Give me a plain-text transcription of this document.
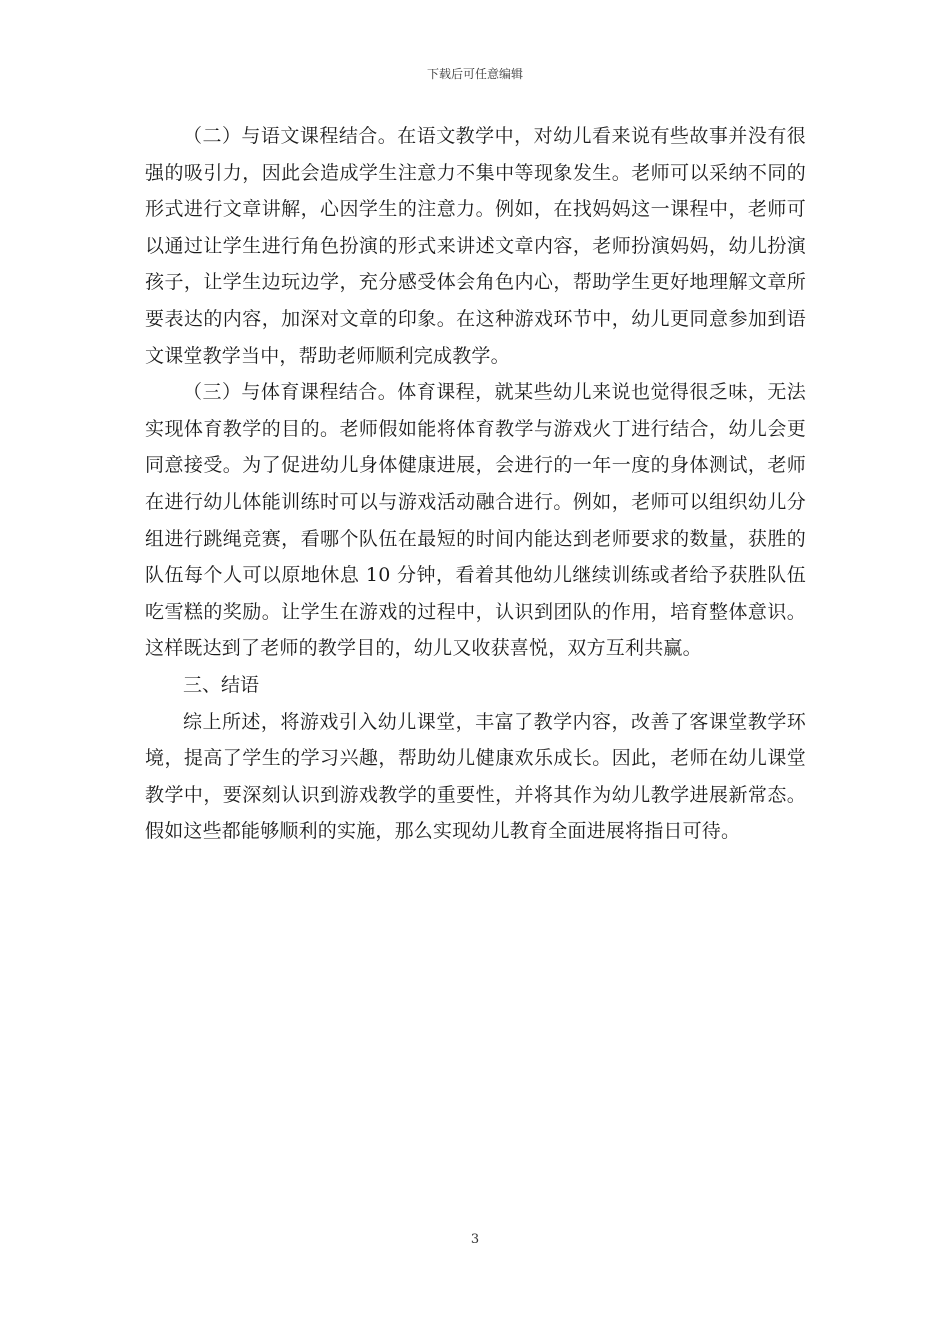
下载后可任意编辑

（二）与语文课程结合。在语文教学中，对幼儿看来说有些故事并没有很强的吸引力，因此会造成学生注意力不集中等现象发生。老师可以采纳不同的形式进行文章讲解，心因学生的注意力。例如，在找妈妈这一课程中，老师可以通过让学生进行角色扮演的形式来讲述文章内容，老师扮演妈妈，幼儿扮演孩子，让学生边玩边学，充分感受体会角色内心，帮助学生更好地理解文章所要表达的内容，加深对文章的印象。在这种游戏环节中，幼儿更同意参加到语文课堂教学当中，帮助老师顺利完成教学。

（三）与体育课程结合。体育课程，就某些幼儿来说也觉得很乏味，无法实现体育教学的目的。老师假如能将体育教学与游戏火丁进行结合，幼儿会更同意接受。为了促进幼儿身体健康进展，会进行的一年一度的身体测试，老师在进行幼儿体能训练时可以与游戏活动融合进行。例如，老师可以组织幼儿分组进行跳绳竞赛，看哪个队伍在最短的时间内能达到老师要求的数量，获胜的队伍每个人可以原地休息 10 分钟，看着其他幼儿继续训练或者给予获胜队伍吃雪糕的奖励。让学生在游戏的过程中，认识到团队的作用，培育整体意识。这样既达到了老师的教学目的，幼儿又收获喜悦，双方互利共赢。

三、结语

综上所述，将游戏引入幼儿课堂，丰富了教学内容，改善了客课堂教学环境，提高了学生的学习兴趣，帮助幼儿健康欢乐成长。因此，老师在幼儿课堂教学中，要深刻认识到游戏教学的重要性，并将其作为幼儿教学进展新常态。假如这些都能够顺利的实施，那么实现幼儿教育全面进展将指日可待。

3
